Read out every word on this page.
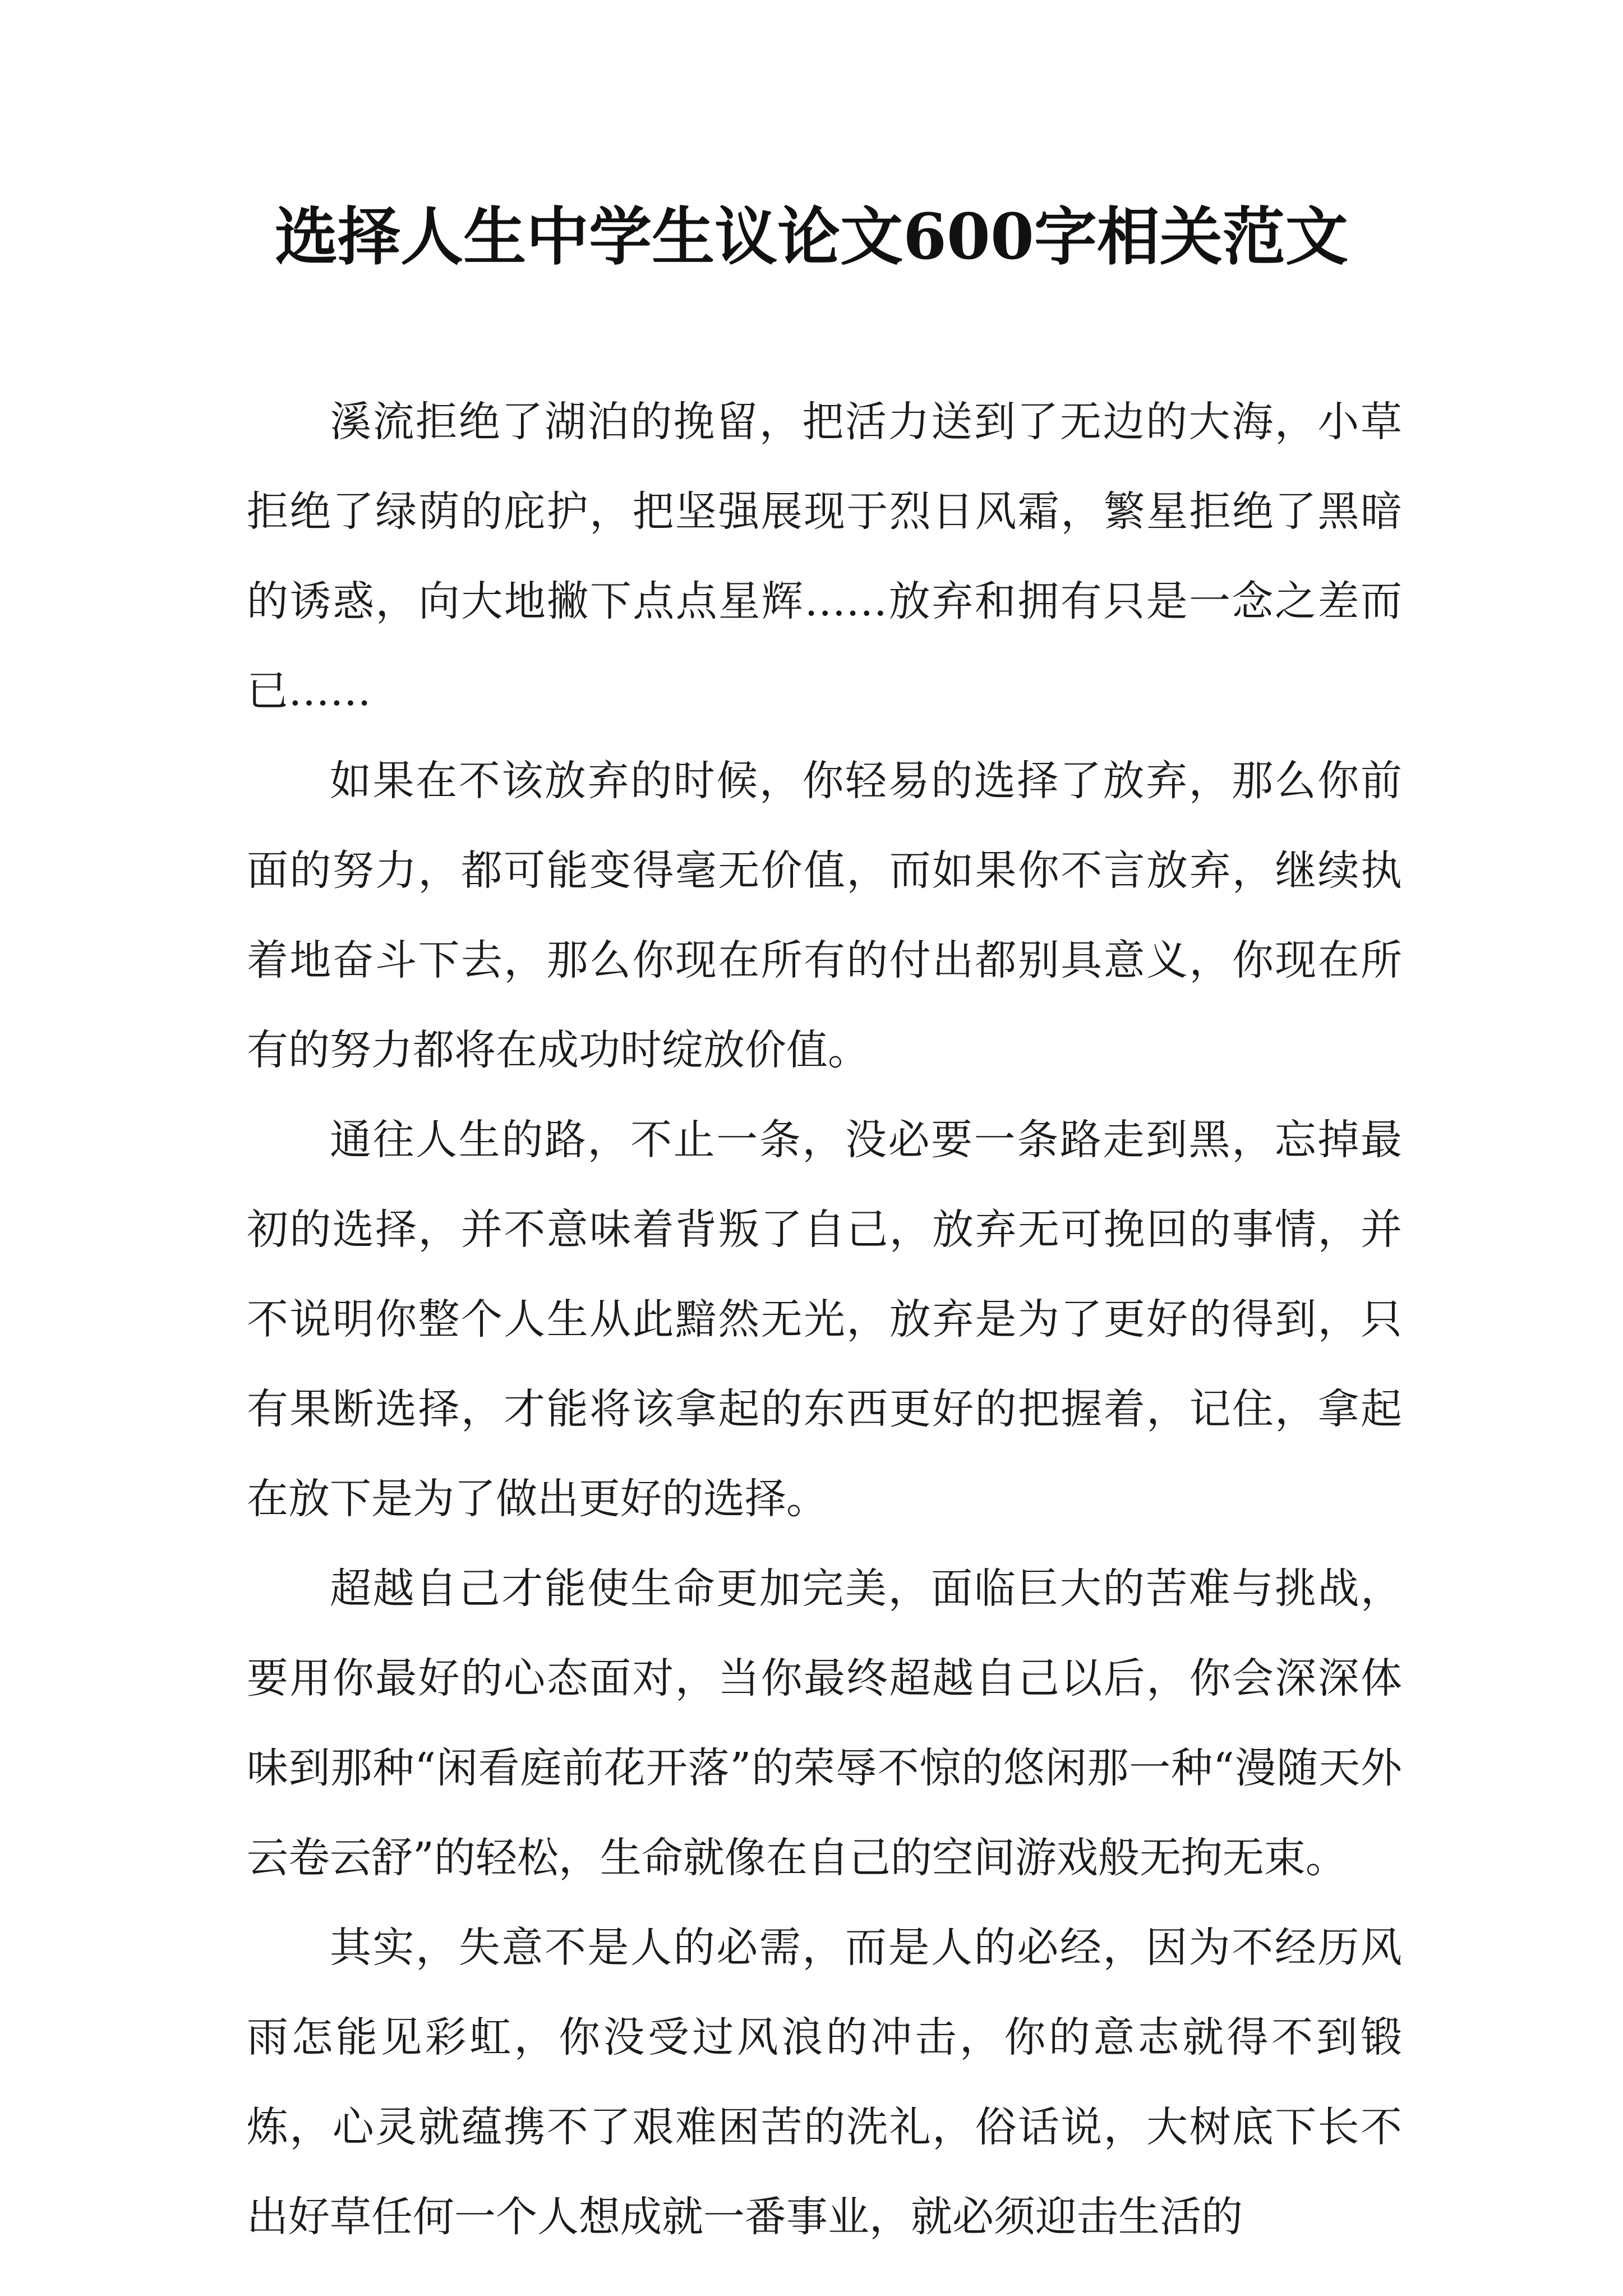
选择人生中学生议论文600字相关范文

溪流拒绝了湖泊的挽留，把活力送到了无边的大海，小草拒绝了绿荫的庇护，把坚强展现于烈日风霜，繁星拒绝了黑暗的诱惑，向大地撇下点点星辉……放弃和拥有只是一念之差而已……

如果在不该放弃的时候，你轻易的选择了放弃，那么你前面的努力，都可能变得毫无价值，而如果你不言放弃，继续执着地奋斗下去，那么你现在所有的付出都别具意义，你现在所有的努力都将在成功时绽放价值。

通往人生的路，不止一条，没必要一条路走到黑，忘掉最初的选择，并不意味着背叛了自己，放弃无可挽回的事情，并不说明你整个人生从此黯然无光，放弃是为了更好的得到，只有果断选择，才能将该拿起的东西更好的把握着，记住，拿起在放下是为了做出更好的选择。

超越自己才能使生命更加完美，面临巨大的苦难与挑战，要用你最好的心态面对，当你最终超越自己以后，你会深深体味到那种“闲看庭前花开落”的荣辱不惊的悠闲那一种“漫随天外云卷云舒”的轻松，生命就像在自己的空间游戏般无拘无束。

其实，失意不是人的必需，而是人的必经，因为不经历风雨怎能见彩虹，你没受过风浪的冲击，你的意志就得不到锻炼，心灵就蕴携不了艰难困苦的洗礼，俗话说，大树底下长不出好草任何一个人想成就一番事业，就必须迎击生活的
